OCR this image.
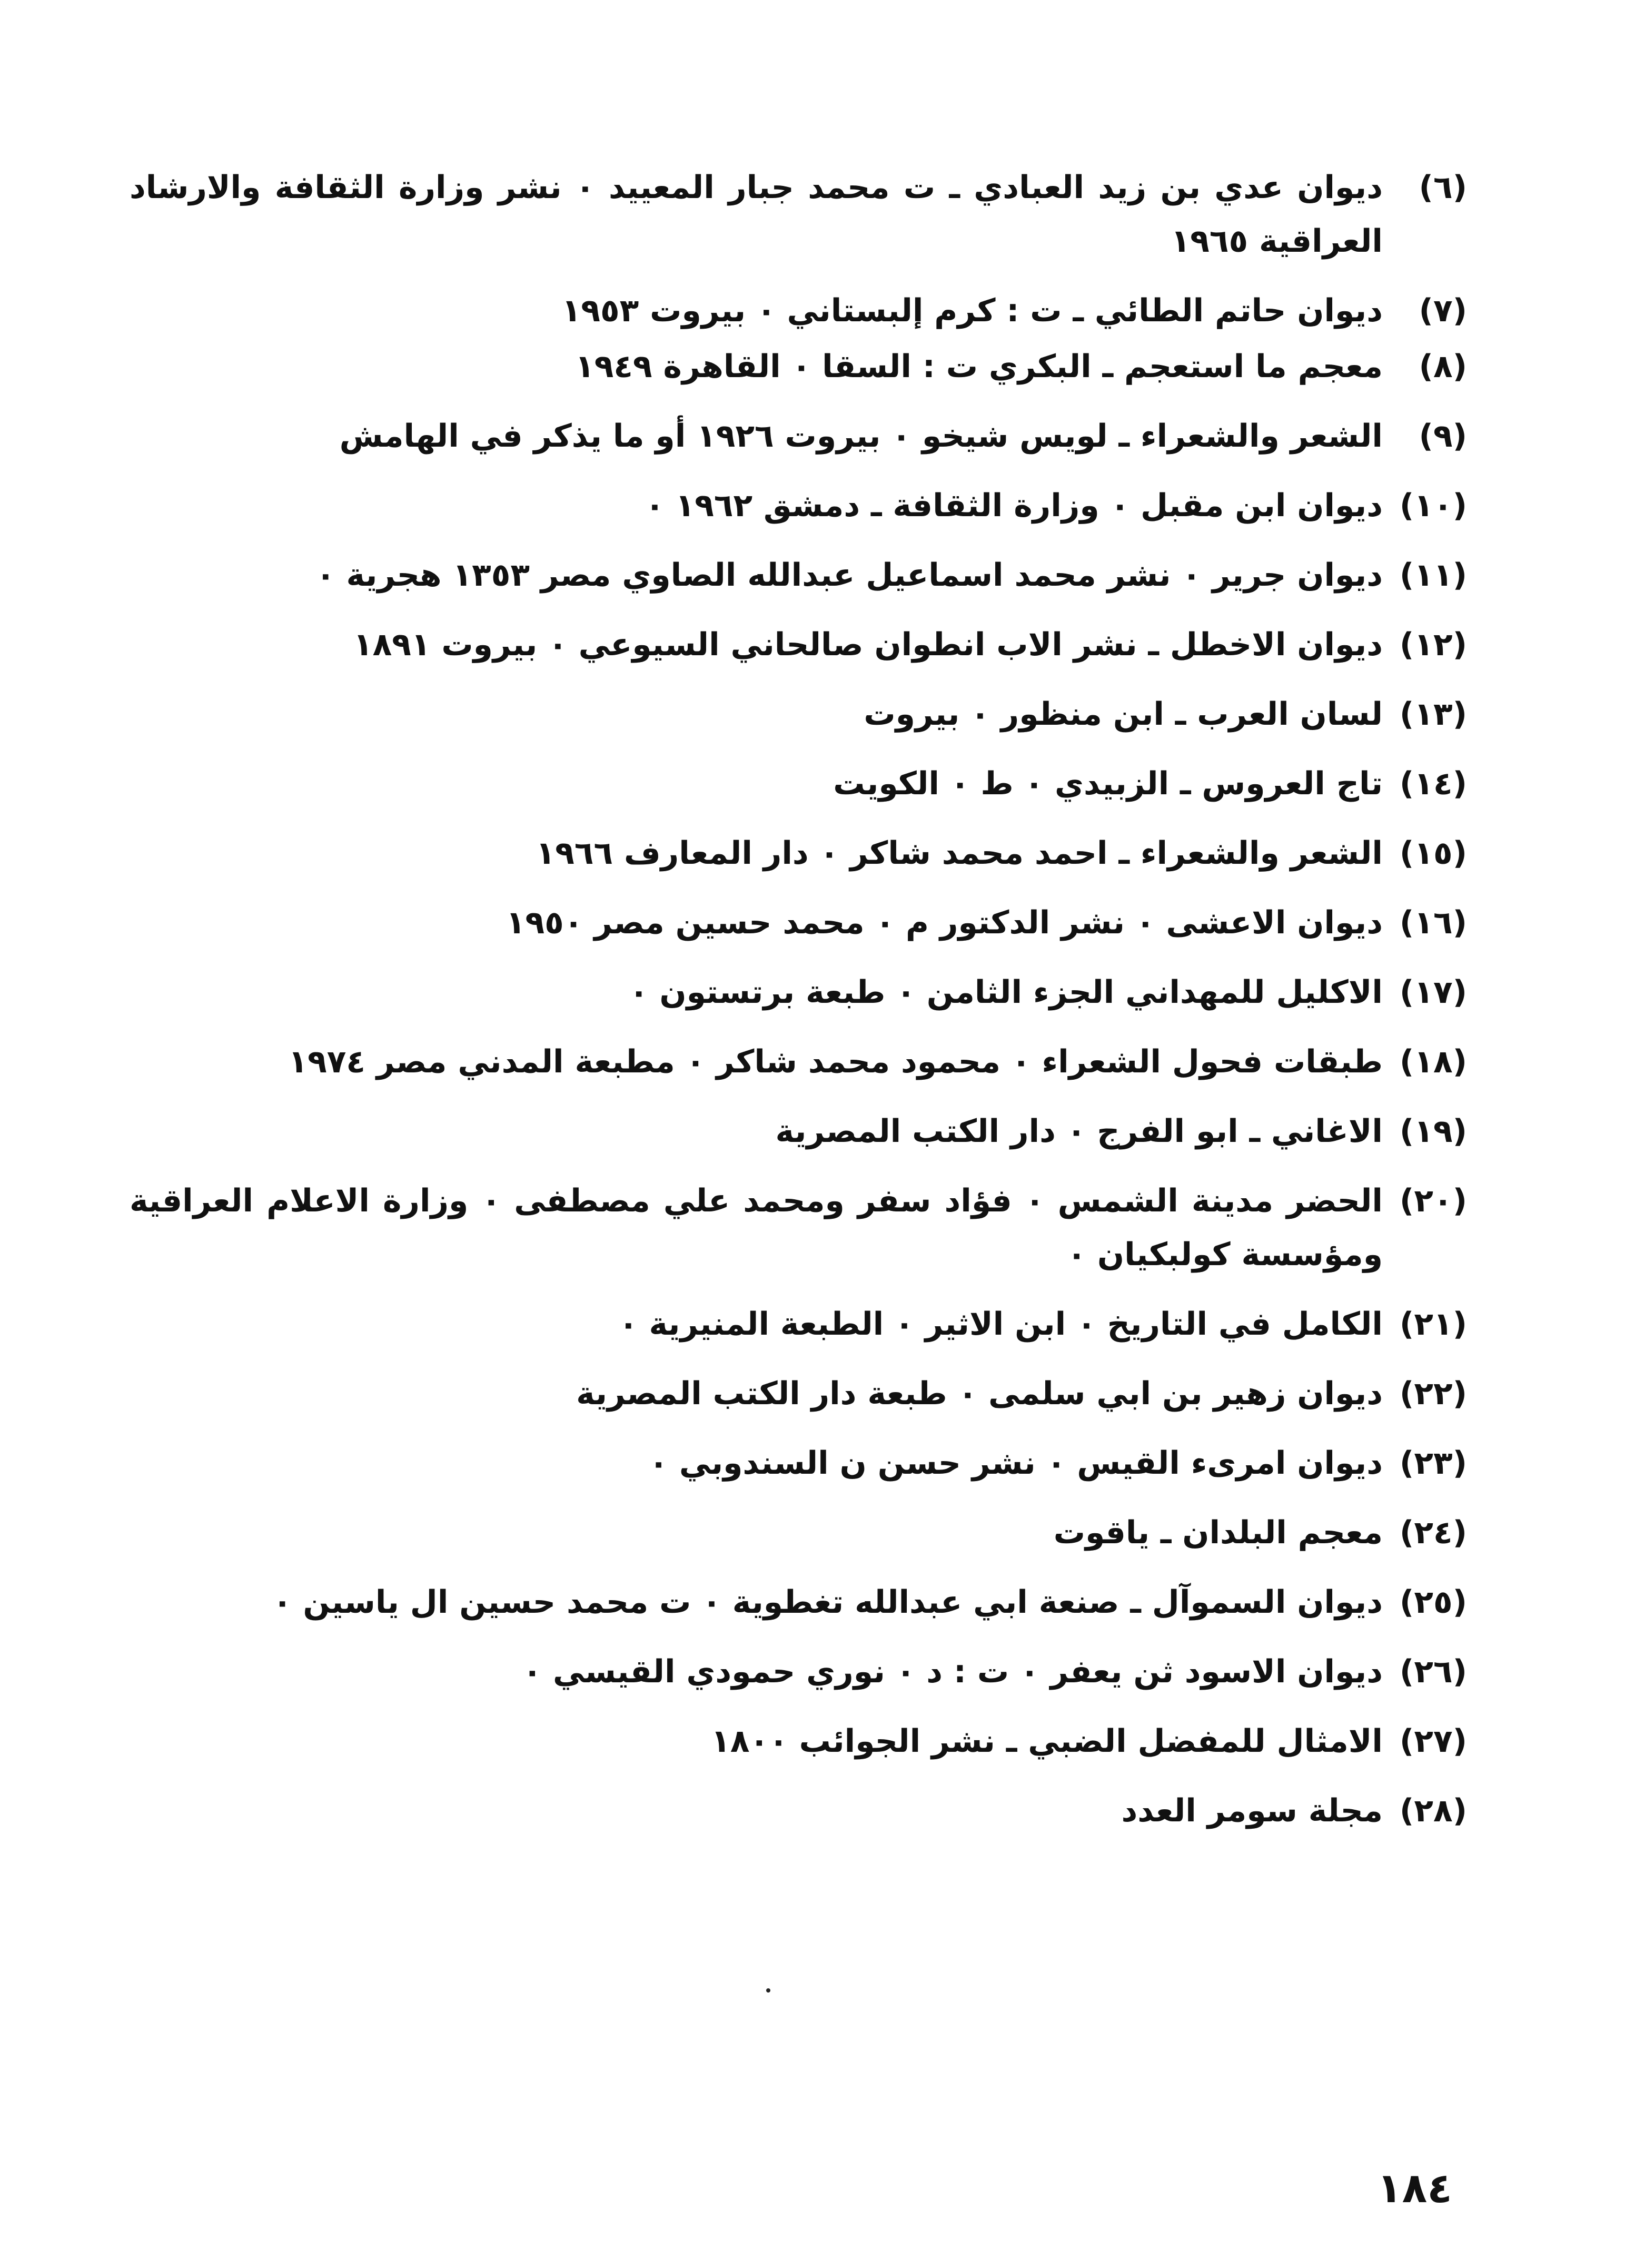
(٦)
ديوان عدي بن زيد العبادي ـ ت محمد جبار المعييد ٠ نشر وزارة الثقافة والارشاد العراقية ١٩٦٥
(٧)
ديوان حاتم الطائي ـ ت : كرم إلبستاني ٠ بيروت ١٩٥٣
(٨)
معجم ما استعجم ـ البكري ت : السقا ٠ القاهرة ١٩٤٩
(٩)
الشعر والشعراء ـ لويس شيخو ٠ بيروت ١٩٢٦ أو ما يذكر في الهامش
(١٠)
ديوان ابن مقبل ٠ وزارة الثقافة ـ دمشق ١٩٦٢ ٠
(١١)
ديوان جرير ٠ نشر محمد اسماعيل عبدالله الصاوي مصر ١٣٥٣ هجرية ٠
(١٢)
ديوان الاخطل ـ نشر الاب انطوان صالحاني السيوعي ٠ بيروت ١٨٩١
(١٣)
لسان العرب ـ ابن منظور ٠ بيروت
(١٤)
تاج العروس ـ الزبيدي ٠ ط ٠ الكويت
(١٥)
الشعر والشعراء ـ احمد محمد شاكر ٠ دار المعارف ١٩٦٦
(١٦)
ديوان الاعشى ٠ نشر الدكتور م ٠ محمد حسين مصر ١٩٥٠
(١٧)
الاكليل للمهداني الجزء الثامن ٠ طبعة برتستون ٠
(١٨)
طبقات فحول الشعراء ٠ محمود محمد شاكر ٠ مطبعة المدني مصر ١٩٧٤
(١٩)
الاغاني ـ ابو الفرج ٠ دار الكتب المصرية
(٢٠)
الحضر مدينة الشمس ٠ فؤاد سفر ومحمد علي مصطفى ٠ وزارة الاعلام العراقية ومؤسسة كولبكيان ٠
(٢١)
الكامل في التاريخ ٠ ابن الاثير ٠ الطبعة المنيرية ٠
(٢٢)
ديوان زهير بن ابي سلمى ٠ طبعة دار الكتب المصرية
(٢٣)
ديوان امرىء القيس ٠ نشر حسن ن السندوبي ٠
(٢٤)
معجم البلدان ـ ياقوت
(٢٥)
ديوان السموآل ـ صنعة ابي عبدالله تغطوية ٠ ت محمد حسين ال ياسين ٠
(٢٦)
ديوان الاسود ثن يعفر ٠ ت : د ٠ نوري حمودي القيسي ٠
(٢٧)
الامثال للمفضل الضبي ـ نشر الجوائب ١٨٠٠
(٢٨)
مجلة سومر العدد
١٨٤
